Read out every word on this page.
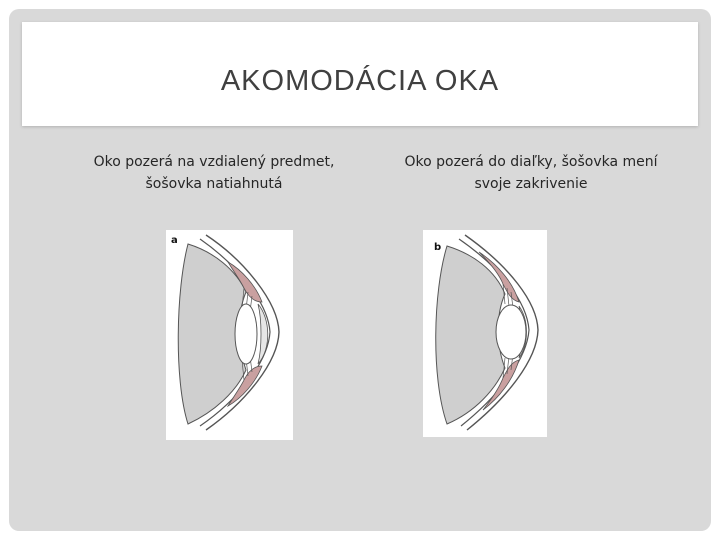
AKOMODÁCIA OKA
Oko pozerá na vzdialený predmet,
šošovka natiahnutá
Oko pozerá do diaľky, šošovka mení
svoje zakrivenie
a
b
